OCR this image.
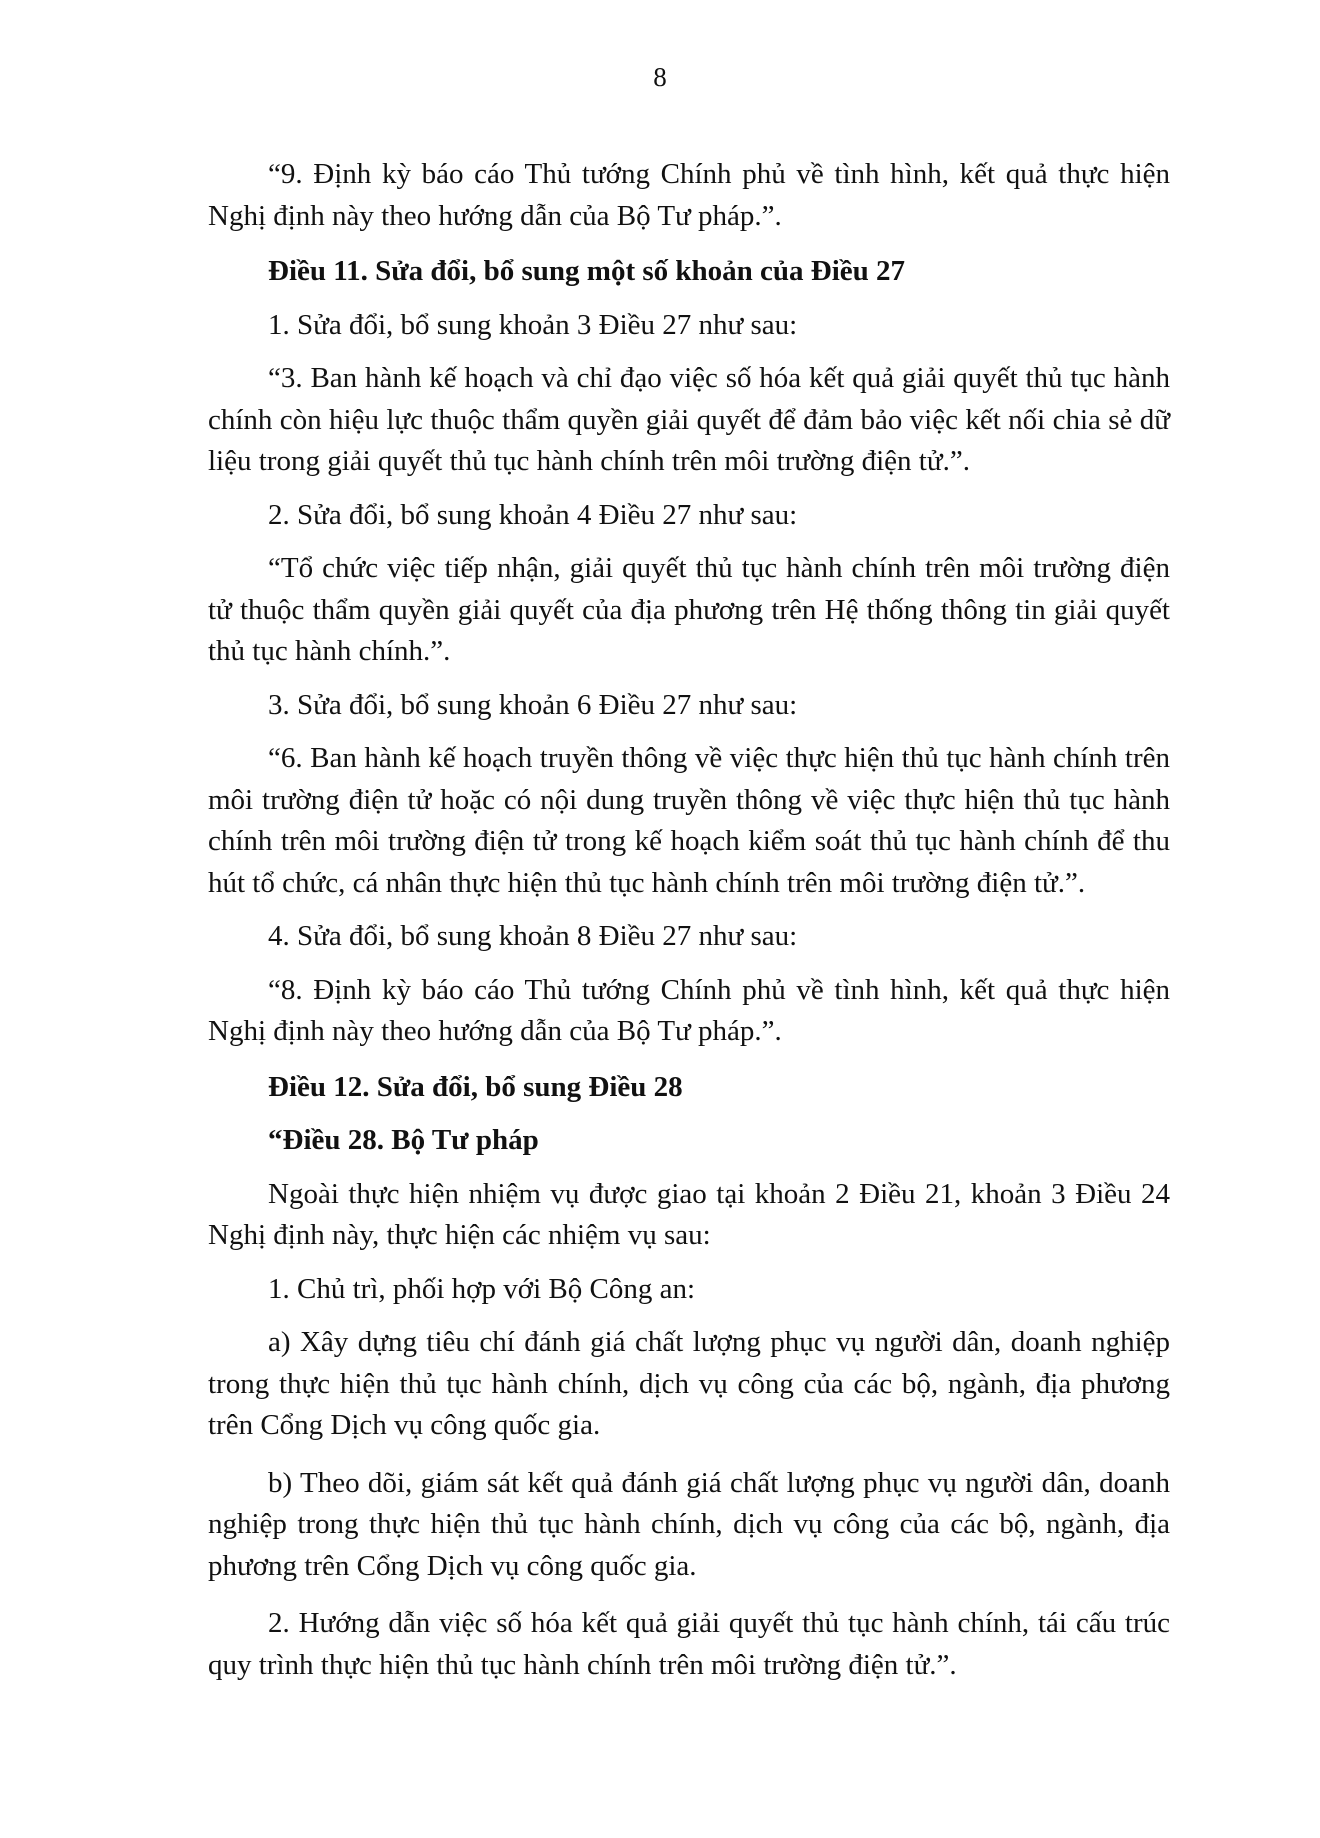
8

“9. Định kỳ báo cáo Thủ tướng Chính phủ về tình hình, kết quả thực hiện Nghị định này theo hướng dẫn của Bộ Tư pháp.”.

Điều 11. Sửa đổi, bổ sung một số khoản của Điều 27

1. Sửa đổi, bổ sung khoản 3 Điều 27 như sau:

“3. Ban hành kế hoạch và chỉ đạo việc số hóa kết quả giải quyết thủ tục hành chính còn hiệu lực thuộc thẩm quyền giải quyết để đảm bảo việc kết nối chia sẻ dữ liệu trong giải quyết thủ tục hành chính trên môi trường điện tử.”.

2. Sửa đổi, bổ sung khoản 4 Điều 27 như sau:

“Tổ chức việc tiếp nhận, giải quyết thủ tục hành chính trên môi trường điện tử thuộc thẩm quyền giải quyết của địa phương trên Hệ thống thông tin giải quyết thủ tục hành chính.”.

3. Sửa đổi, bổ sung khoản 6 Điều 27 như sau:

“6. Ban hành kế hoạch truyền thông về việc thực hiện thủ tục hành chính trên môi trường điện tử hoặc có nội dung truyền thông về việc thực hiện thủ tục hành chính trên môi trường điện tử trong kế hoạch kiểm soát thủ tục hành chính để thu hút tổ chức, cá nhân thực hiện thủ tục hành chính trên môi trường điện tử.”.

4. Sửa đổi, bổ sung khoản 8 Điều 27 như sau:

“8. Định kỳ báo cáo Thủ tướng Chính phủ về tình hình, kết quả thực hiện Nghị định này theo hướng dẫn của Bộ Tư pháp.”.

Điều 12. Sửa đổi, bổ sung Điều 28

“Điều 28. Bộ Tư pháp

Ngoài thực hiện nhiệm vụ được giao tại khoản 2 Điều 21, khoản 3 Điều 24 Nghị định này, thực hiện các nhiệm vụ sau:

1. Chủ trì, phối hợp với Bộ Công an:

a) Xây dựng tiêu chí đánh giá chất lượng phục vụ người dân, doanh nghiệp trong thực hiện thủ tục hành chính, dịch vụ công của các bộ, ngành, địa phương trên Cổng Dịch vụ công quốc gia.

b) Theo dõi, giám sát kết quả đánh giá chất lượng phục vụ người dân, doanh nghiệp trong thực hiện thủ tục hành chính, dịch vụ công của các bộ, ngành, địa phương trên Cổng Dịch vụ công quốc gia.

2. Hướng dẫn việc số hóa kết quả giải quyết thủ tục hành chính, tái cấu trúc quy trình thực hiện thủ tục hành chính trên môi trường điện tử.”.
